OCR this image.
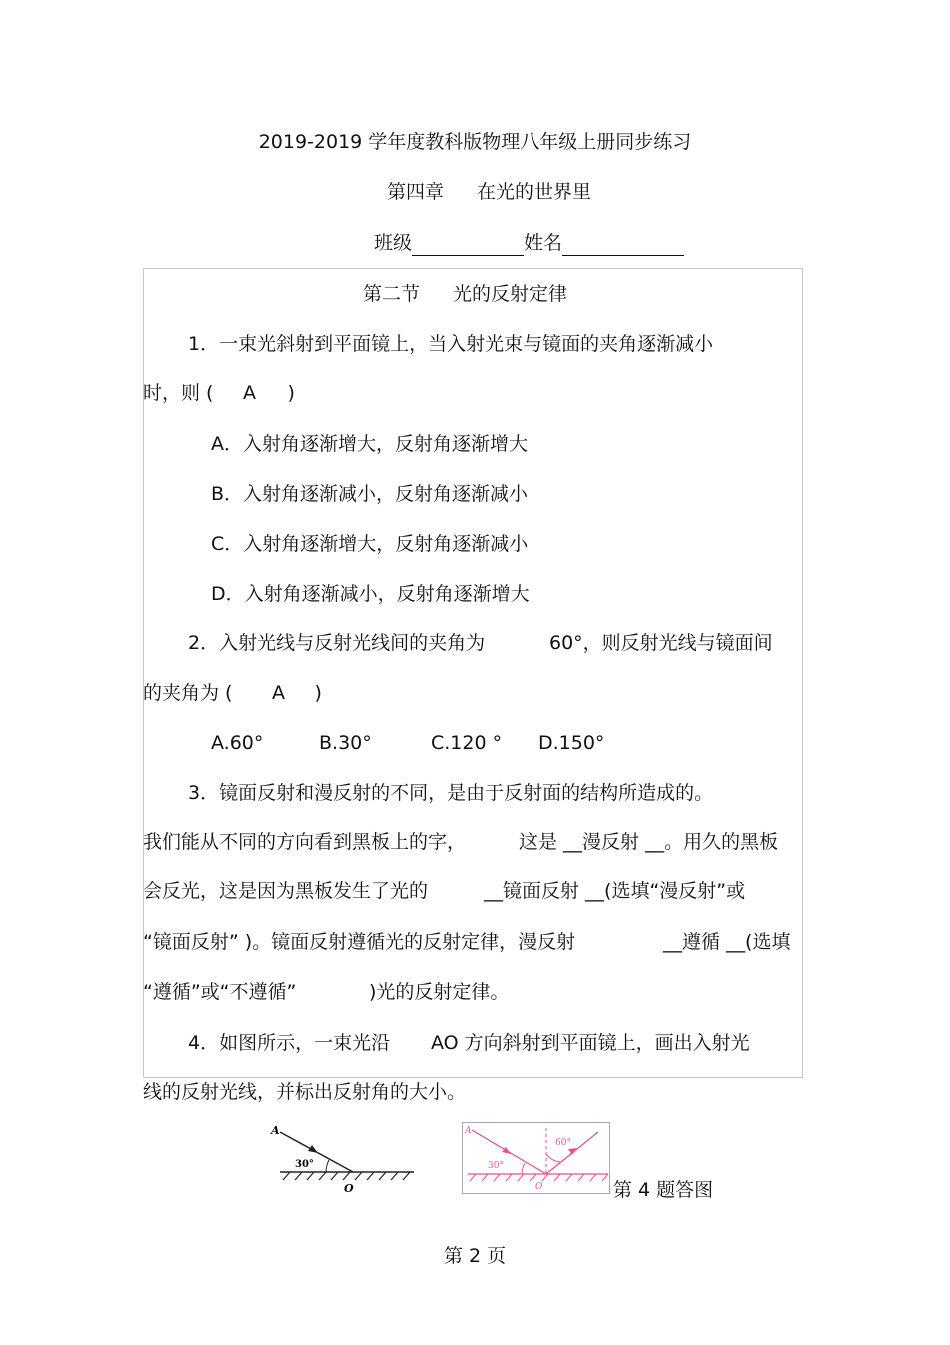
2019-2019 学年度教科版物理八年级上册同步练习
第四章 在光的世界里
班级	姓名
第二节 光的反射定律
1．一束光斜射到平面镜上，当入射光束与镜面的夹角逐渐减小
时，则 ( A )
A．入射角逐渐增大，反射角逐渐增大
B．入射角逐渐减小，反射角逐渐减小
C．入射角逐渐增大，反射角逐渐减小
D．入射角逐渐减小，反射角逐渐增大
2．入射光线与反射光线间的夹角为	60°，则反射光线与镜面间
的夹角为 ( A )
A.60°	B.30°	C.120 ° D.150°
3．镜面反射和漫反射的不同，是由于反射面的结构所造成的。
我们能从不同的方向看到黑板上的字，	这是 __漫反射 __。用久的黑板
会反光，这是因为黑板发生了光的	__镜面反射 __(选填“漫反射”或
“镜面反射” )。镜面反射遵循光的反射定律，漫反射	__遵循 __(选填
“遵循”或“不遵循”	)光的反射定律。
4．如图所示，一束光沿 AO 方向斜射到平面镜上，画出入射光
线的反射光线，并标出反射角的大小。
A
30°
O
A
30°
60°
O	第 4 题答图
第 2 页
